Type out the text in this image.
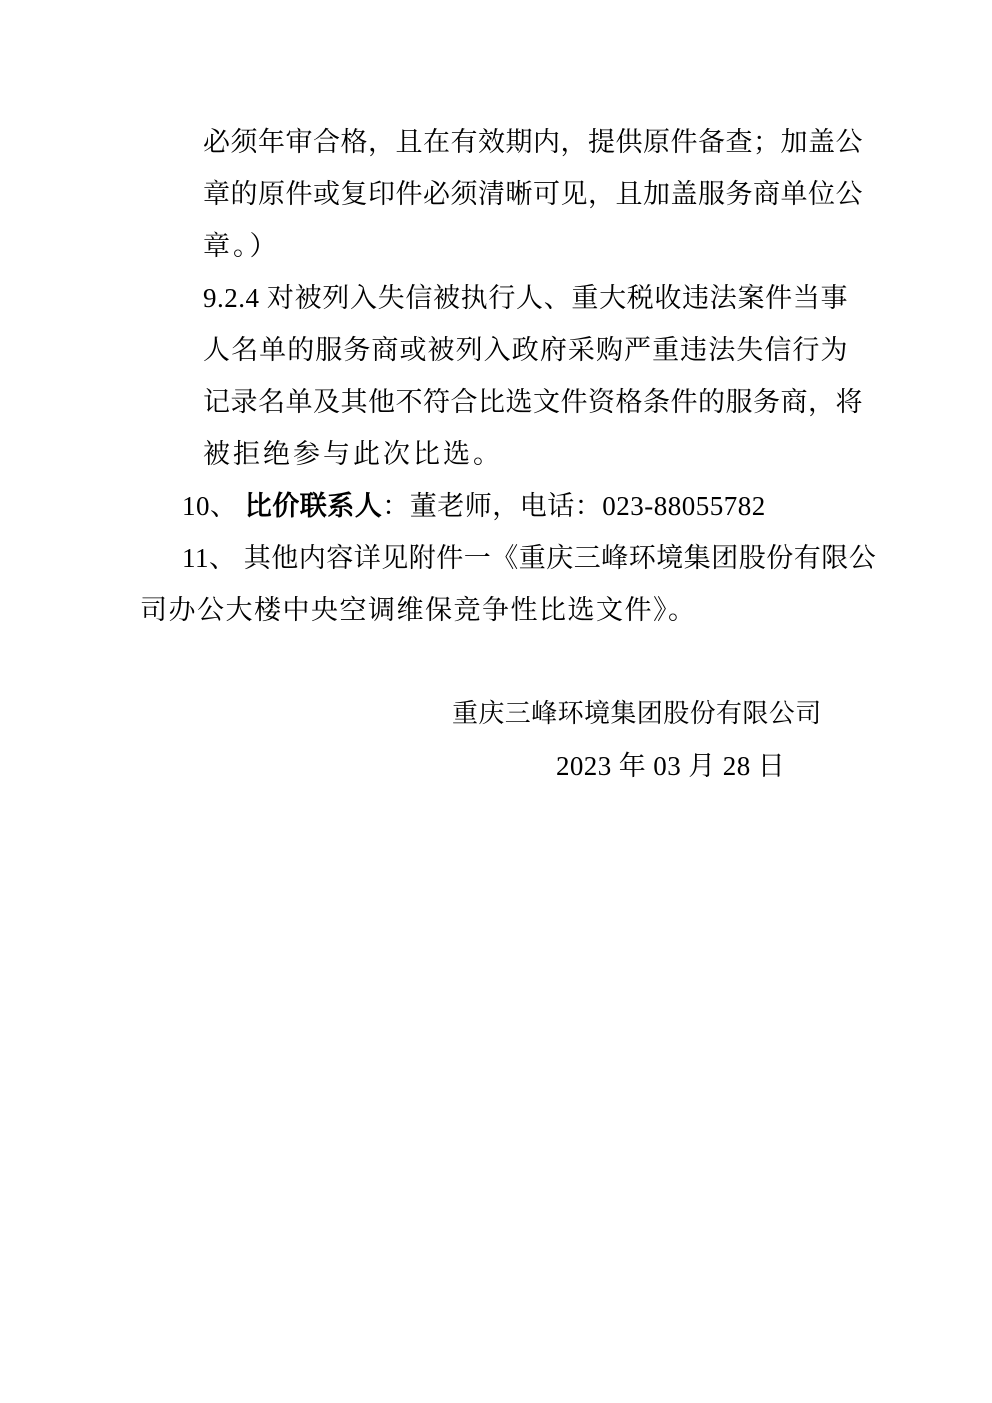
必须年审合格，且在有效期内，提供原件备查；加盖公
章的原件或复印件必须清晰可见，且加盖服务商单位公
章。）
9.2.4 对被列入失信被执行人、重大税收违法案件当事
人名单的服务商或被列入政府采购严重违法失信行为
记录名单及其他不符合比选文件资格条件的服务商，将
被拒绝参与此次比选。
10、 比价联系人：董老师，电话：023-88055782
11、 其他内容详见附件一《重庆三峰环境集团股份有限公
司办公大楼中央空调维保竞争性比选文件》。
重庆三峰环境集团股份有限公司
2023 年 03 月 28 日
